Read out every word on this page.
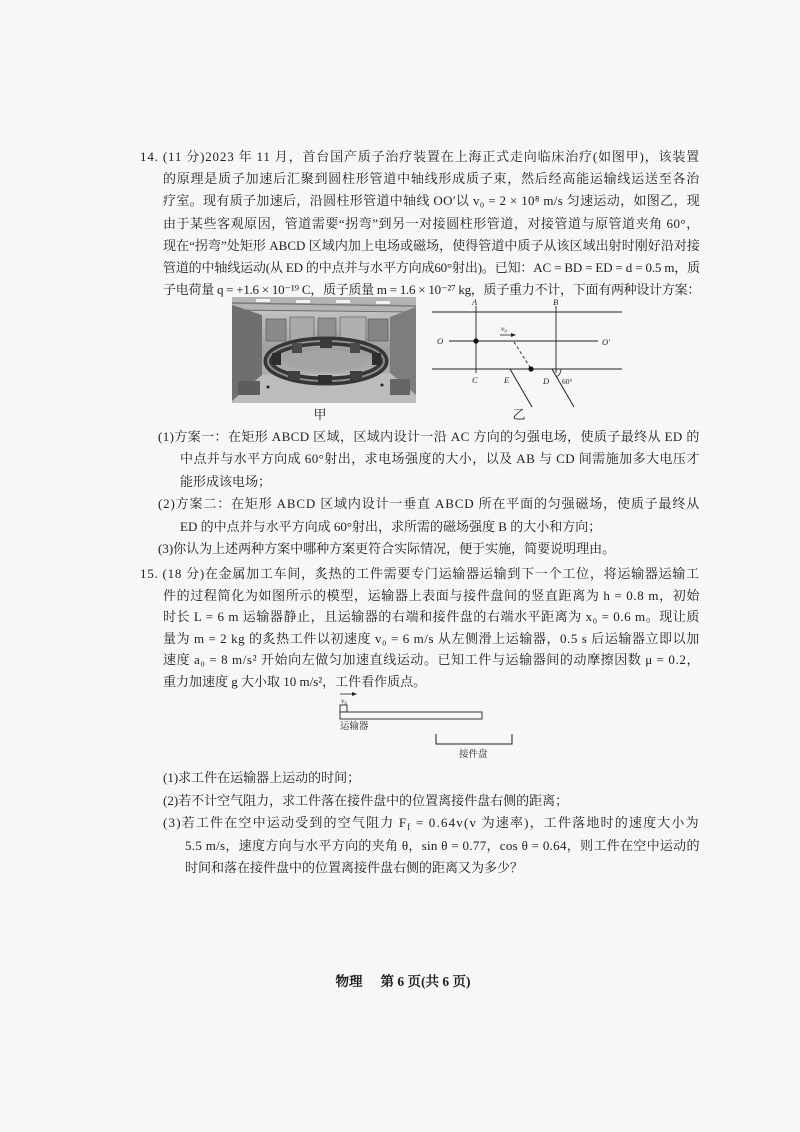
14. (11 分)2023 年 11 月，首台国产质子治疗装置在上海正式走向临床治疗(如图甲)，该装置
的原理是质子加速后汇聚到圆柱形管道中轴线形成质子束，然后经高能运输线运送至各治
疗室。现有质子加速后，沿圆柱形管道中轴线 OO′以 v₀ = 2 × 10⁸ m/s 匀速运动，如图乙，现
由于某些客观原因，管道需要“拐弯”到另一对接圆柱形管道，对接管道与原管道夹角 60°，
现在“拐弯”处矩形 ABCD 区域内加上电场或磁场，使得管道中质子从该区域出射时刚好沿对接
管道的中轴线运动(从 ED 的中点并与水平方向成60°射出)。已知：AC = BD = ED = d = 0.5 m，质
子电荷量 q = +1.6 × 10⁻¹⁹ C，质子质量 m = 1.6 × 10⁻²⁷ kg，质子重力不计，下面有两种设计方案：
甲
A	B
C	E	D
O	O′
v₀
60°
乙
(1)方案一：在矩形 ABCD 区域，区域内设计一沿 AC 方向的匀强电场，使质子最终从 ED 的
中点并与水平方向成 60°射出，求电场强度的大小，以及 AB 与 CD 间需施加多大电压才
能形成该电场；
(2)方案二：在矩形 ABCD 区域内设计一垂直 ABCD 所在平面的匀强磁场，使质子最终从
ED 的中点并与水平方向成 60°射出，求所需的磁场强度 B 的大小和方向；
(3)你认为上述两种方案中哪种方案更符合实际情况，便于实施，简要说明理由。
15. (18 分)在金属加工车间，炙热的工件需要专门运输器运输到下一个工位，将运输器运输工
件的过程简化为如图所示的模型，运输器上表面与接件盘间的竖直距离为 h = 0.8 m，初始
时长 L = 6 m 运输器静止，且运输器的右端和接件盘的右端水平距离为 x₀ = 0.6 m。现让质
量为 m = 2 kg 的炙热工件以初速度 v₀ = 6 m/s 从左侧滑上运输器，0.5 s 后运输器立即以加
速度 a₀ = 8 m/s² 开始向左做匀加速直线运动。已知工件与运输器间的动摩擦因数 μ = 0.2，
重力加速度 g 大小取 10 m/s²，工件看作质点。
v₀
运输器
接件盘
(1)求工件在运输器上运动的时间；
(2)若不计空气阻力，求工件落在接件盘中的位置离接件盘右侧的距离；
(3)若工件在空中运动受到的空气阻力 $F_f = 0.64v(v$ 为速率)，工件落地时的速度大小为
5.5 m/s，速度方向与水平方向的夹角 θ，sin θ = 0.77，cos θ = 0.64，则工件在空中运动的
时间和落在接件盘中的位置离接件盘右侧的距离又为多少？
物理 第 6 页(共 6 页)
